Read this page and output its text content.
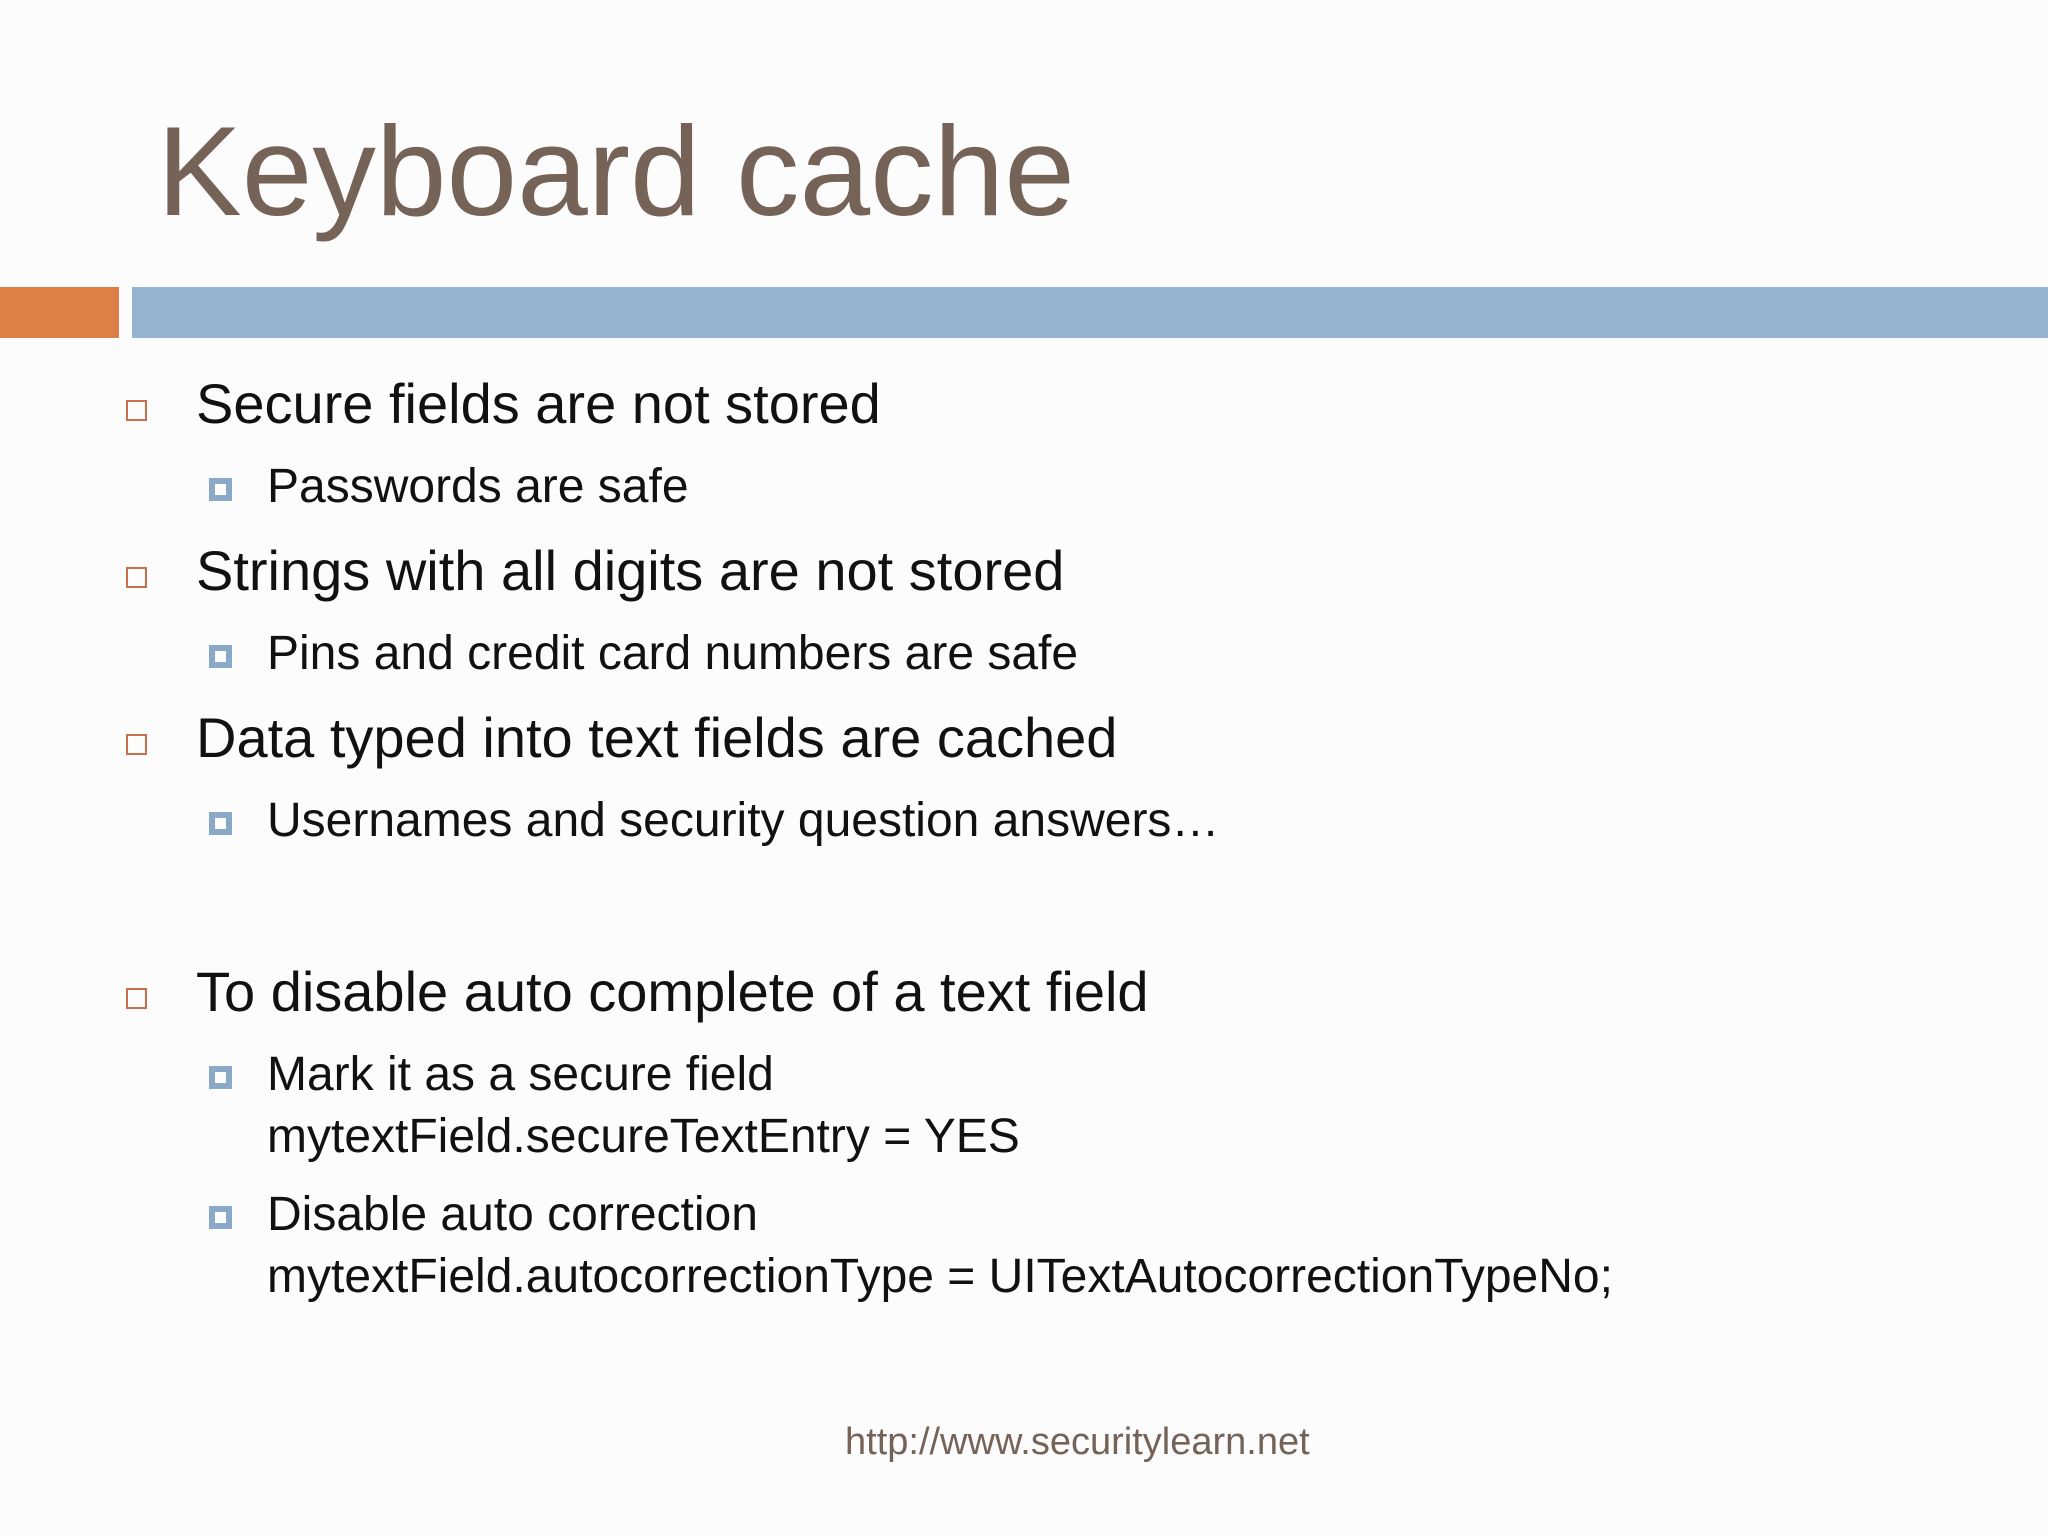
Keyboard cache
Secure fields are not stored
Passwords are safe
Strings with all digits are not stored
Pins and credit card numbers are safe
Data typed into text fields are cached
Usernames and security question answers…
To disable auto complete of a text field
Mark it as a secure field
mytextField.secureTextEntry = YES
Disable auto correction
mytextField.autocorrectionType = UITextAutocorrectionTypeNo;
http://www.securitylearn.net
